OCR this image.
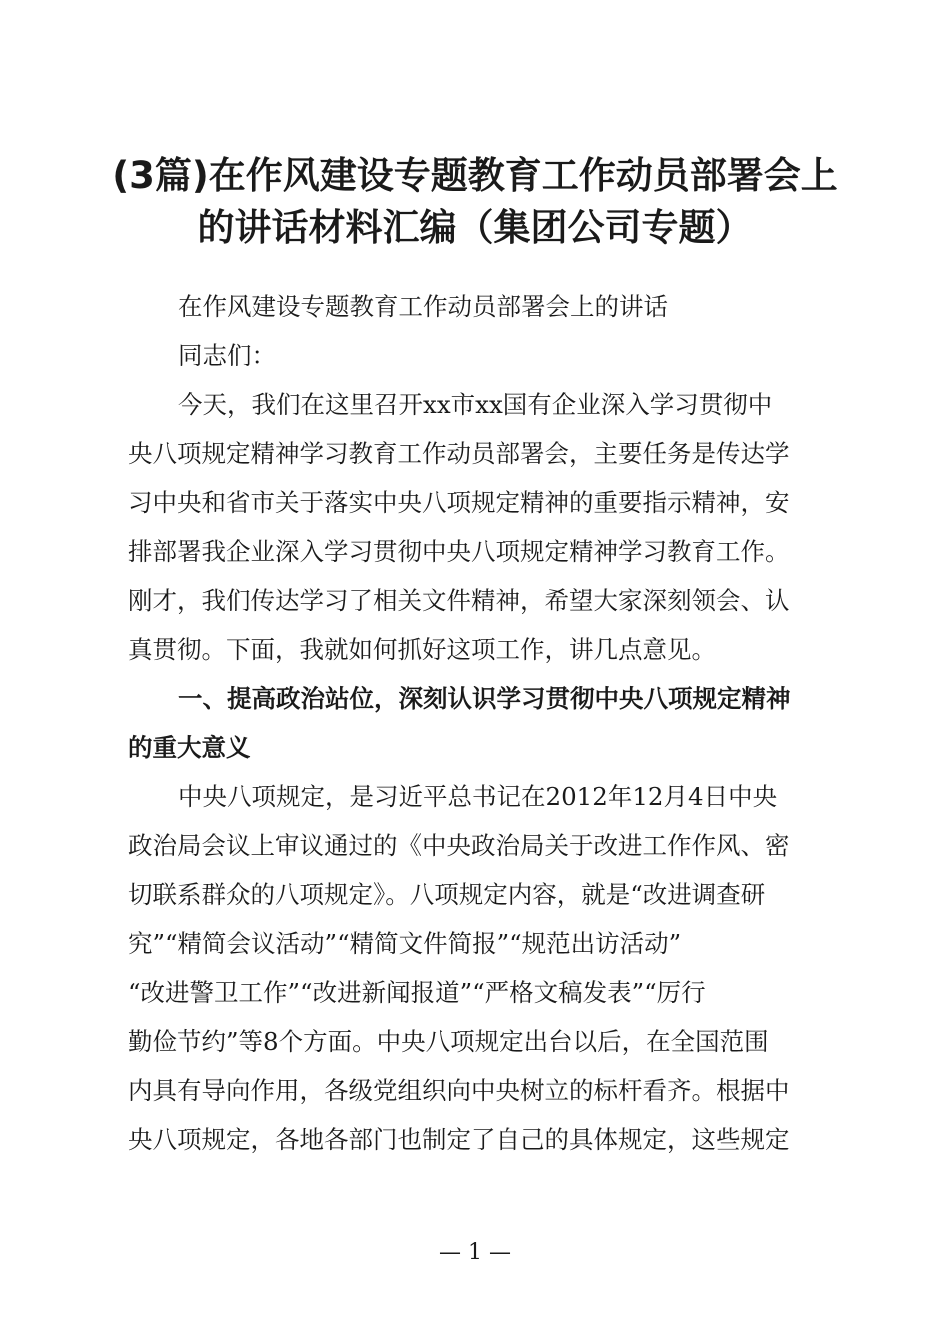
(3篇)在作风建设专题教育工作动员部署会上
的讲话材料汇编（集团公司专题）

在作风建设专题教育工作动员部署会上的讲话

同志们：

今天，我们在这里召开xx市xx国有企业深入学习贯彻中

央八项规定精神学习教育工作动员部署会，主要任务是传达学

习中央和省市关于落实中央八项规定精神的重要指示精神，安

排部署我企业深入学习贯彻中央八项规定精神学习教育工作。

刚才，我们传达学习了相关文件精神，希望大家深刻领会、认

真贯彻。下面，我就如何抓好这项工作，讲几点意见。

一、提高政治站位，深刻认识学习贯彻中央八项规定精神

的重大意义

中央八项规定，是习近平总书记在2012年12月4日中央

政治局会议上审议通过的《中央政治局关于改进工作作风、密

切联系群众的八项规定》。八项规定内容，就是“改进调查研

究”“精简会议活动”“精简文件简报”“规范出访活动”

“改进警卫工作”“改进新闻报道”“严格文稿发表”“厉行

勤俭节约”等8个方面。中央八项规定出台以后，在全国范围

内具有导向作用，各级党组织向中央树立的标杆看齐。根据中

央八项规定，各地各部门也制定了自己的具体规定，这些规定

— 1 —
